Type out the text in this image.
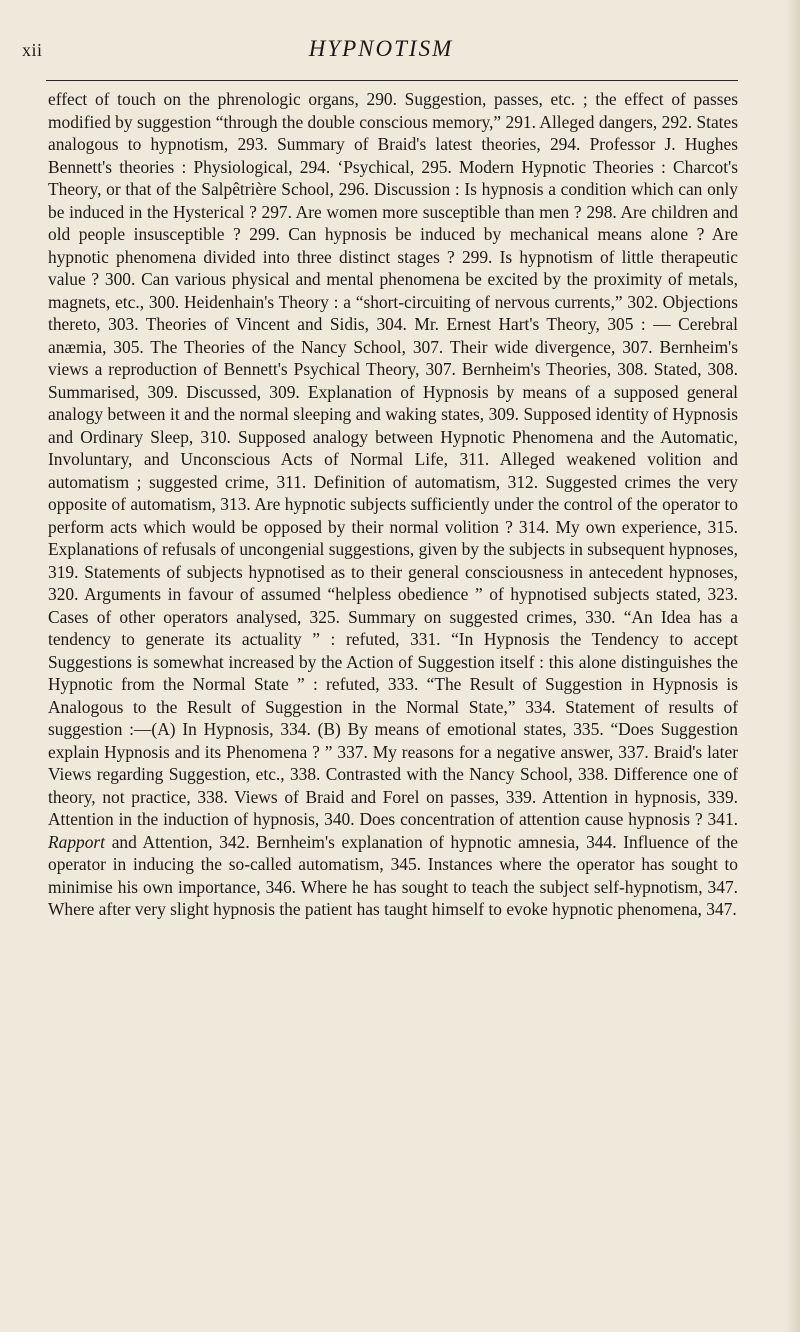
xii	HYPNOTISM

effect of touch on the phrenologic organs, 290. Suggestion, passes, etc. ; the effect of passes modified by suggestion “through the double conscious memory,” 291. Alleged dangers, 292. States analogous to hypnotism, 293. Summary of Braid's latest theories, 294. Professor J. Hughes Bennett's theories : Physiological, 294. ‘Psychical, 295. Modern Hypnotic Theories : Charcot's Theory, or that of the Salpêtrière School, 296. Discussion : Is hypnosis a condition which can only be induced in the Hysterical ? 297. Are women more susceptible than men ? 298. Are children and old people insusceptible ? 299. Can hypnosis be induced by mechanical means alone ? Are hypnotic phenomena divided into three distinct stages ? 299. Is hypnotism of little therapeutic value ? 300. Can various physical and mental phenomena be excited by the proximity of metals, magnets, etc., 300. Heidenhain's Theory : a “short-circuiting of nervous currents,” 302. Objections thereto, 303. Theories of Vincent and Sidis, 304. Mr. Ernest Hart's Theory, 305 : — Cerebral anæmia, 305. The Theories of the Nancy School, 307. Their wide divergence, 307. Bernheim's views a reproduction of Bennett's Psychical Theory, 307. Bernheim's Theories, 308. Stated, 308. Summarised, 309. Discussed, 309. Explanation of Hypnosis by means of a supposed general analogy between it and the normal sleeping and waking states, 309. Supposed identity of Hypnosis and Ordinary Sleep, 310. Supposed analogy between Hypnotic Phenomena and the Automatic, Involuntary, and Unconscious Acts of Normal Life, 311. Alleged weakened volition and automatism ; suggested crime, 311. Definition of automatism, 312. Suggested crimes the very opposite of automatism, 313. Are hypnotic subjects sufficiently under the control of the operator to perform acts which would be opposed by their normal volition ? 314. My own experience, 315. Explanations of refusals of uncongenial suggestions, given by the subjects in subsequent hypnoses, 319. Statements of subjects hypnotised as to their general consciousness in antecedent hypnoses, 320. Arguments in favour of assumed “helpless obedience ” of hypnotised subjects stated, 323. Cases of other operators analysed, 325. Summary on suggested crimes, 330. “An Idea has a tendency to generate its actuality ” : refuted, 331. “In Hypnosis the Tendency to accept Suggestions is somewhat increased by the Action of Suggestion itself : this alone distinguishes the Hypnotic from the Normal State ” : refuted, 333. “The Result of Suggestion in Hypnosis is Analogous to the Result of Suggestion in the Normal State,” 334. Statement of results of suggestion :—(A) In Hypnosis, 334. (B) By means of emotional states, 335. “Does Suggestion explain Hypnosis and its Phenomena ? ” 337. My reasons for a negative answer, 337. Braid's later Views regarding Suggestion, etc., 338. Contrasted with the Nancy School, 338. Difference one of theory, not practice, 338. Views of Braid and Forel on passes, 339. Attention in hypnosis, 339. Attention in the induction of hypnosis, 340. Does concentration of attention cause hypnosis ? 341. Rapport and Attention, 342. Bernheim's explanation of hypnotic amnesia, 344. Influence of the operator in inducing the so-called automatism, 345. Instances where the operator has sought to minimise his own importance, 346. Where he has sought to teach the subject self-hypnotism, 347. Where after very slight hypnosis the patient has taught himself to evoke hypnotic phenomena, 347.
